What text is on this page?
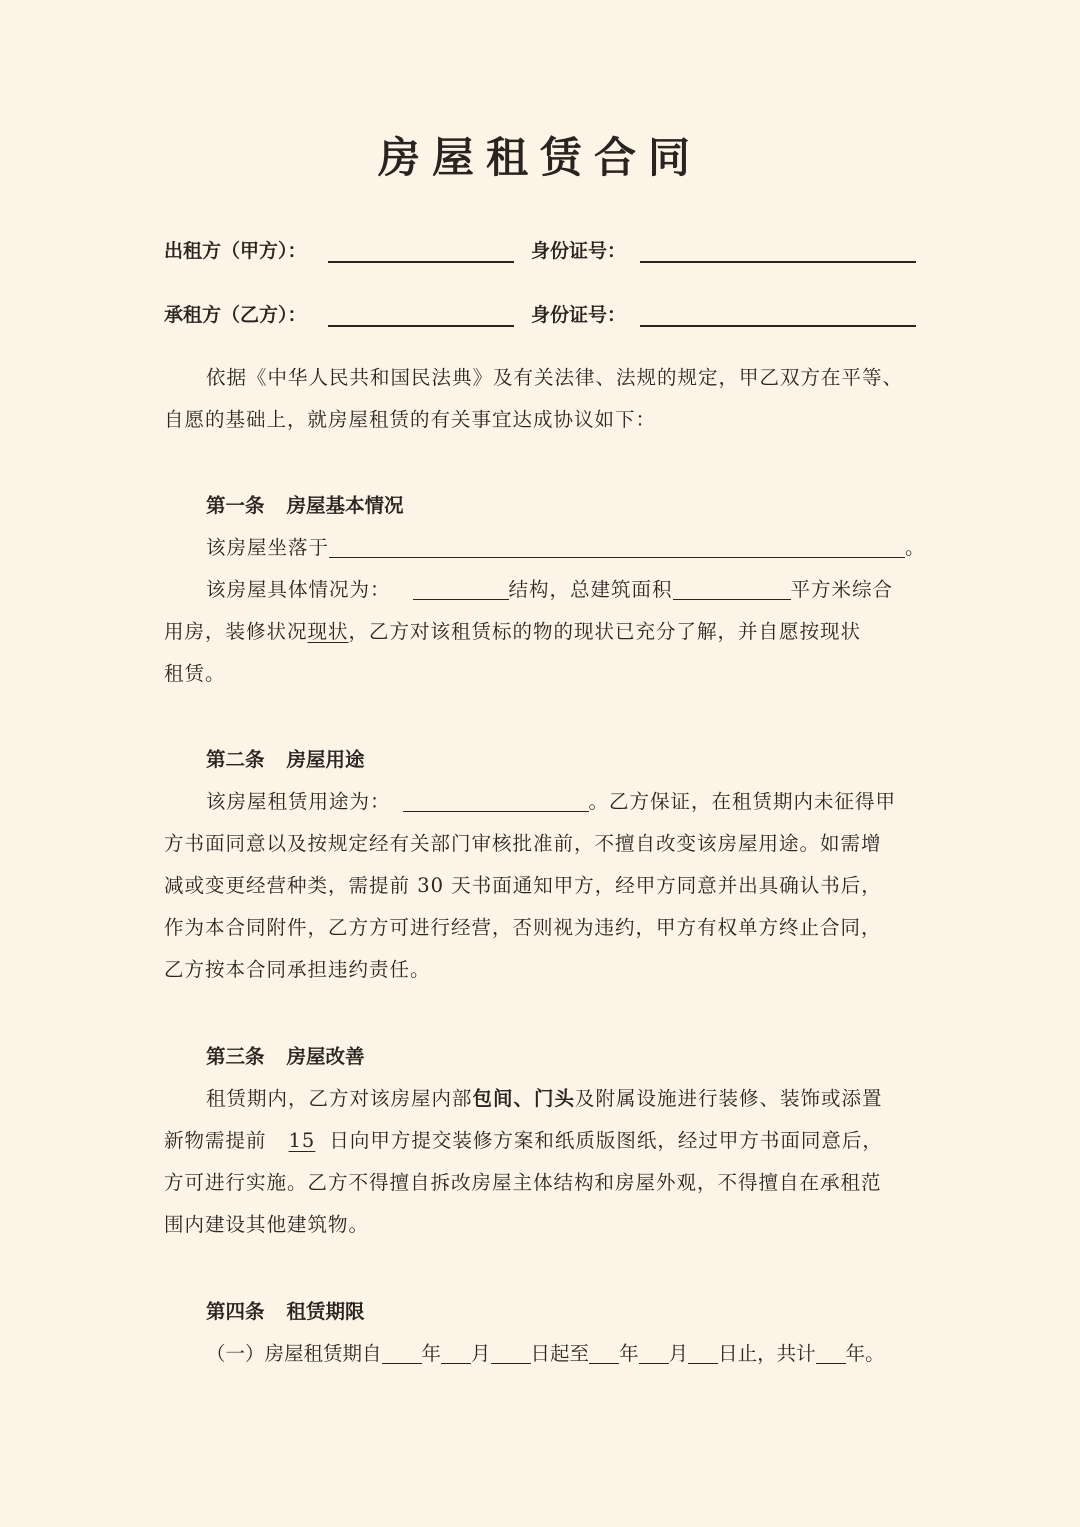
房屋租赁合同
出租方（甲方）：	身份证号：
承租方（乙方）：	身份证号：
依据《中华人民共和国民法典》及有关法律、法规的规定，甲乙双方在平等、
自愿的基础上，就房屋租赁的有关事宜达成协议如下：
第一条 房屋基本情况
该房屋坐落于	。
该房屋具体情况为：	结构，总建筑面积	平方米综合
用房，装修状况现状，乙方对该租赁标的物的现状已充分了解，并自愿按现状
租赁。
第二条 房屋用途
该房屋租赁用途为：	。乙方保证，在租赁期内未征得甲
方书面同意以及按规定经有关部门审核批准前，不擅自改变该房屋用途。如需增
减或变更经营种类，需提前 30 天书面通知甲方，经甲方同意并出具确认书后，
作为本合同附件，乙方方可进行经营，否则视为违约，甲方有权单方终止合同，
乙方按本合同承担违约责任。
第三条 房屋改善
租赁期内，乙方对该房屋内部包间、门头及附属设施进行装修、装饰或添置
新物需提前 15 日向甲方提交装修方案和纸质版图纸，经过甲方书面同意后，
方可进行实施。乙方不得擅自拆改房屋主体结构和房屋外观，不得擅自在承租范
围内建设其他建筑物。
第四条 租赁期限
（一）房屋租赁期自 年 月 日起至 年 月 日止，共计 年。
